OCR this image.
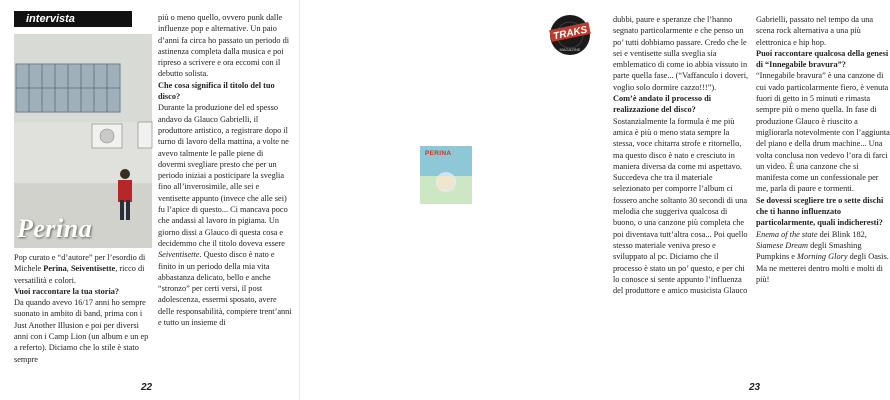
intervista
Perina

Pop curato e “d’autore” per l’esordio di Michele Perina, Seiventisette, ricco di versatilità e colori.

Vuoi raccontare la tua storia?

Da quando avevo 16/17 anni ho sempre suonato in ambito di band, prima con i Just Another Illusion e poi per diversi anni con i Camp Lion (un album e un ep a referto). Diciamo che lo stile è stato sempre

più o meno quello, ovvero punk dalle influenze pop e alternative. Un paio d’anni fa circa ho passato un periodo di astinenza completa dalla musica e poi ripreso a scrivere e ora eccomi con il debutto solista.

Che cosa significa il titolo del tuo disco?

Durante la produzione del ed spesso andavo da Glauco Gabrielli, il produttore artistico, a registrare dopo il turno di lavoro della mattina, a volte ne avevo talmente le palle piene di dovermi svegliare presto che per un periodo iniziai a posticipare la sveglia fino all’inverosimile, alle sei e ventisette appunto (invece che alle sei) fu l’apice di questo... Ci mancava poco che andassi al lavoro in pigiama. Un giorno dissi a Glauco di questa cosa e decidemmo che il titolo doveva essere Seiventisette. Questo disco è nato e finito in un periodo della mia vita abbastanza delicato, bello e anche “stronzo” per certi versi, il post adolescenza, essermi sposato, avere delle responsabilità, compiere trent’anni e tutto un insieme di

22

dubbi, paure e speranze che l’hanno segnato particolarmente e che penso un po’ tutti dobbiamo passare. Credo che le sei e ventisette sulla sveglia sia emblematico di come io abbia vissuto in parte quella fase... (“Vaffanculo i doveri, voglio solo dormire cazzo!!!”).

Com’è andato il processo di realizzazione del disco?

Sostanzialmente la formula è me più amica è più o meno stata sempre la stessa, voce chitarra strofe e ritornello, ma questo disco è nato e cresciuto in maniera diversa da come mi aspettavo. Succedeva che tra il materiale selezionato per comporre l’album ci fossero anche soltanto 30 secondi di una melodia che suggeriva qualcosa di buono, o una canzone più completa che poi diventava tutt’altra cosa... Poi quello stesso materiale veniva preso e sviluppato al pc. Diciamo che il processo è stato un po’ questo, e per chi lo conosce si sente appunto l’influenza del produttore e amico musicista Glauco

Gabrielli, passato nel tempo da una scena rock alternativa a una più elettronica e hip hop.

Puoi raccontare qualcosa della genesi di “Innegabile bravura”?

“Innegabile bravura” è una canzone di cui vado particolarmente fiero, è venuta fuori di getto in 5 minuti e rimasta sempre più o meno quella. In fase di produzione Glauco è riuscito a migliorarla notevolmente con l’aggiunta del piano e della drum machine... Una volta conclusa non vedevo l’ora di farci un video. È una canzone che si manifesta come un confessionale per me, parla di paure e tormenti.

Se dovessi scegliere tre o sette dischi che ti hanno influenzato particolarmente, quali indicheresti?

Enema of the state dei Blink 182, Siamese Dream degli Smashing Pumpkins e Morning Glory degli Oasis. Ma ne metterei dentro molti e molti di più!

23
TRAKS
MAGAZINE
PERINA
